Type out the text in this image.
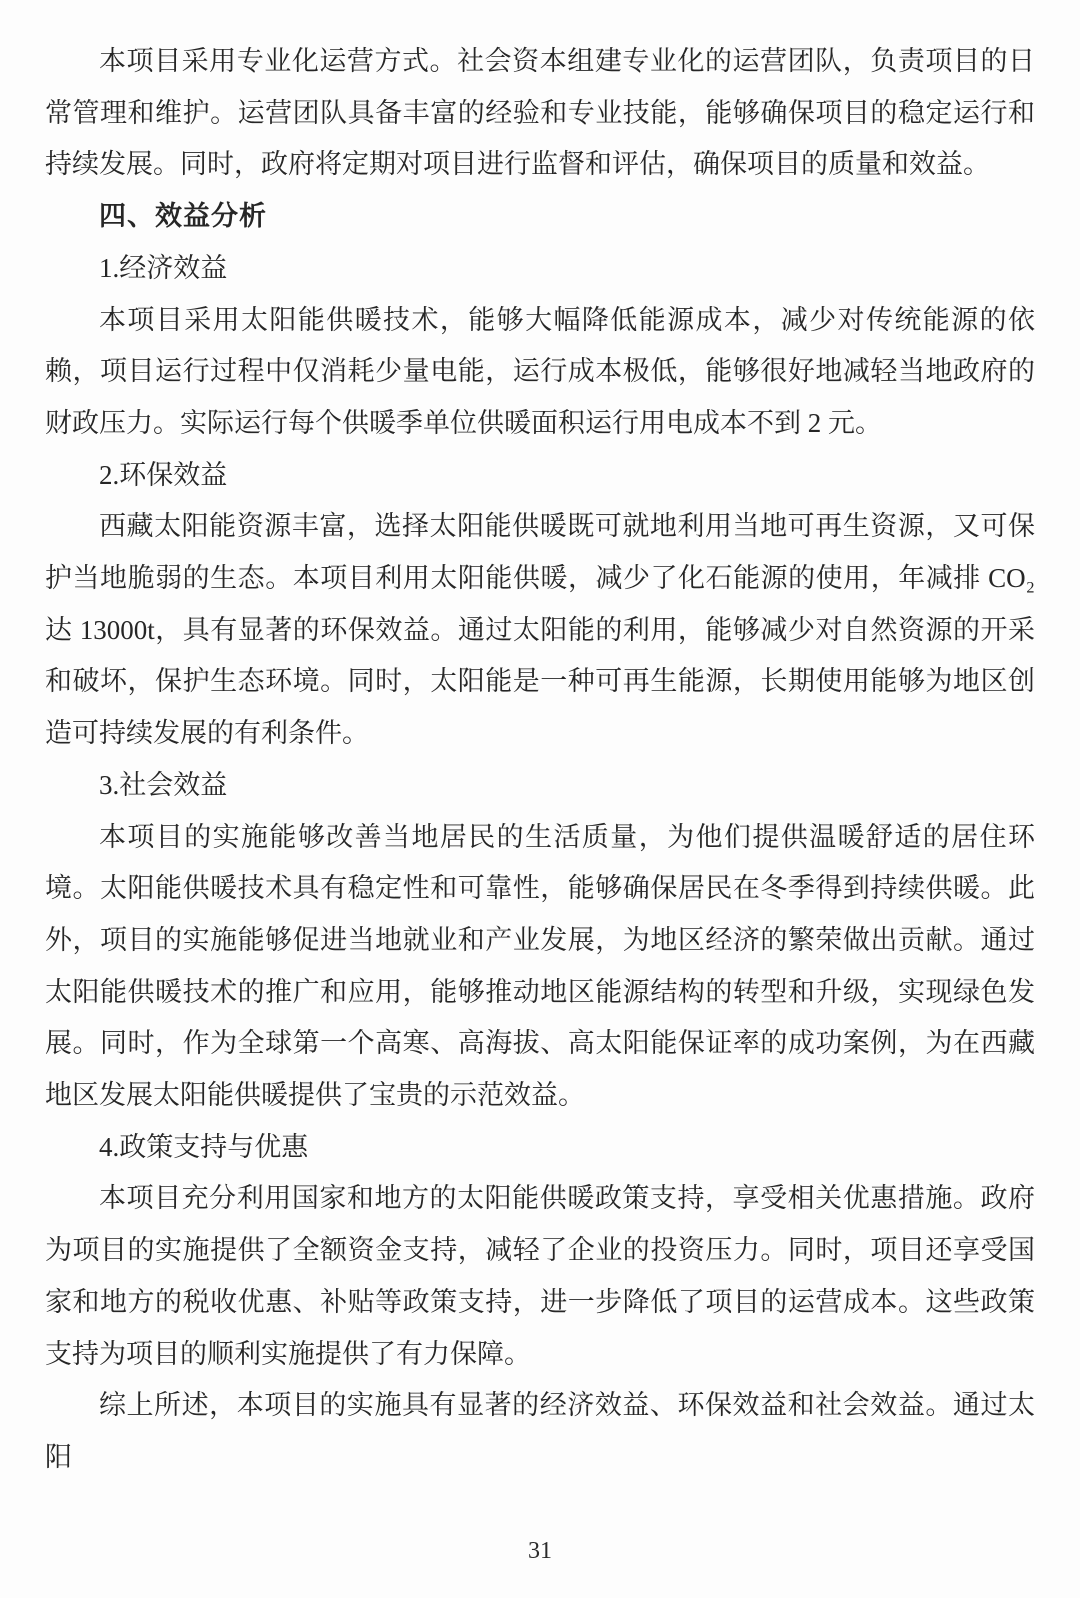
本项目采用专业化运营方式。社会资本组建专业化的运营团队，负责项目的日常管理和维护。运营团队具备丰富的经验和专业技能，能够确保项目的稳定运行和持续发展。同时，政府将定期对项目进行监督和评估，确保项目的质量和效益。

四、效益分析

1.经济效益

本项目采用太阳能供暖技术，能够大幅降低能源成本，减少对传统能源的依赖，项目运行过程中仅消耗少量电能，运行成本极低，能够很好地减轻当地政府的财政压力。实际运行每个供暖季单位供暖面积运行用电成本不到 2 元。

2.环保效益

西藏太阳能资源丰富，选择太阳能供暖既可就地利用当地可再生资源，又可保护当地脆弱的生态。本项目利用太阳能供暖，减少了化石能源的使用，年减排 CO₂ 达 13000t，具有显著的环保效益。通过太阳能的利用，能够减少对自然资源的开采和破坏，保护生态环境。同时，太阳能是一种可再生能源，长期使用能够为地区创造可持续发展的有利条件。

3.社会效益

本项目的实施能够改善当地居民的生活质量，为他们提供温暖舒适的居住环境。太阳能供暖技术具有稳定性和可靠性，能够确保居民在冬季得到持续供暖。此外，项目的实施能够促进当地就业和产业发展，为地区经济的繁荣做出贡献。通过太阳能供暖技术的推广和应用，能够推动地区能源结构的转型和升级，实现绿色发展。同时，作为全球第一个高寒、高海拔、高太阳能保证率的成功案例，为在西藏地区发展太阳能供暖提供了宝贵的示范效益。

4.政策支持与优惠

本项目充分利用国家和地方的太阳能供暖政策支持，享受相关优惠措施。政府为项目的实施提供了全额资金支持，减轻了企业的投资压力。同时，项目还享受国家和地方的税收优惠、补贴等政策支持，进一步降低了项目的运营成本。这些政策支持为项目的顺利实施提供了有力保障。

综上所述，本项目的实施具有显著的经济效益、环保效益和社会效益。通过太阳

31
